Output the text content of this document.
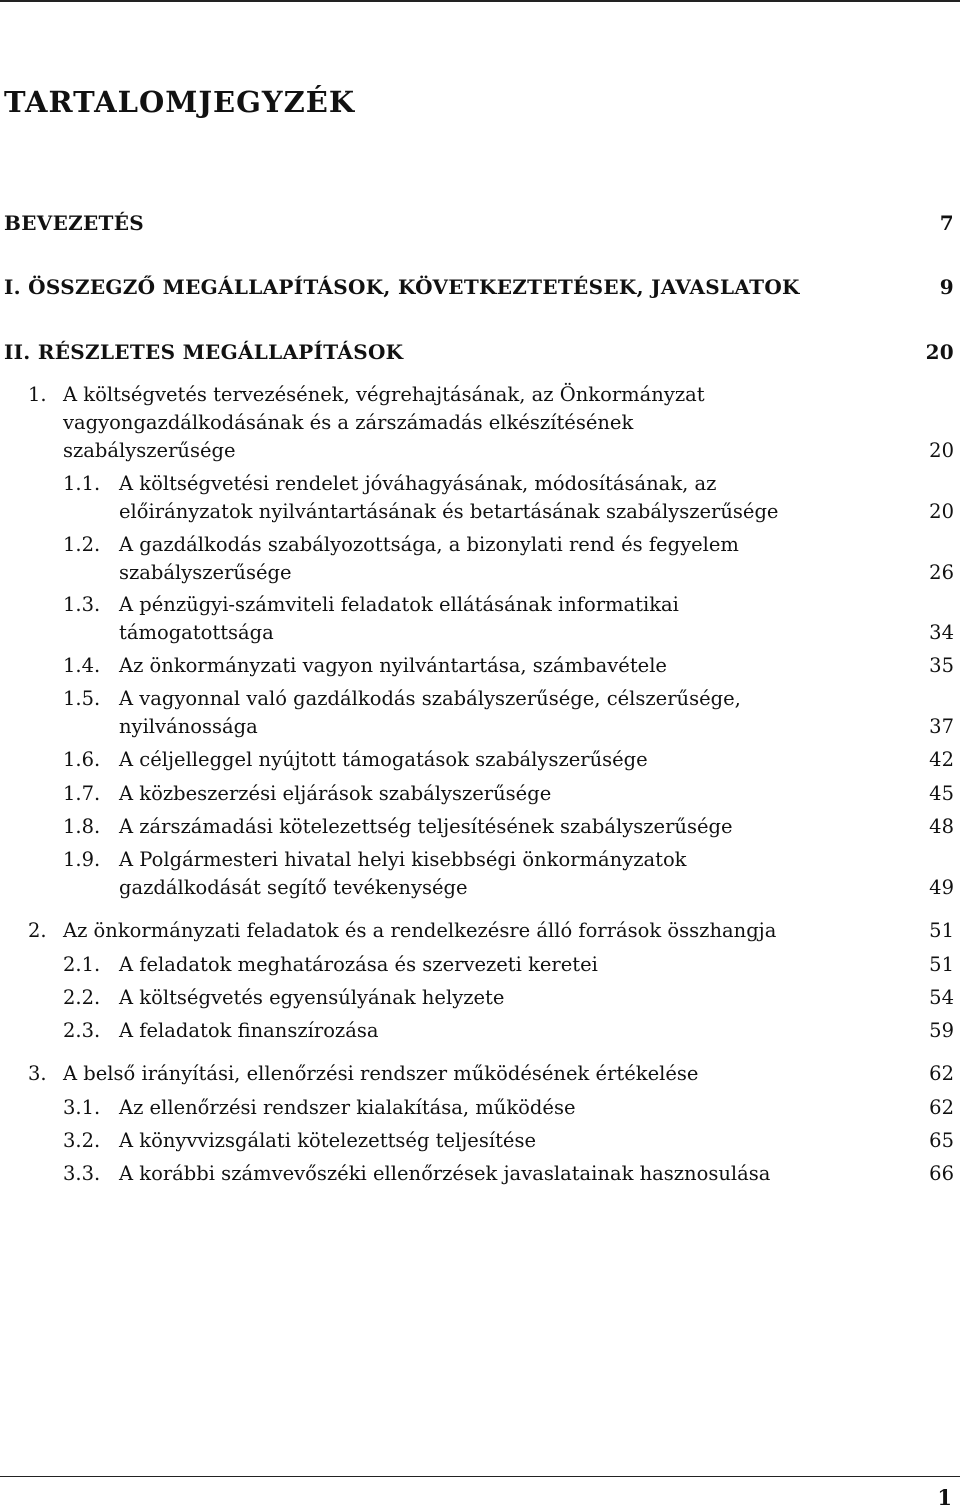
TARTALOMJEGYZÉK
BEVEZETÉS	7
I. ÖSSZEGZŐ MEGÁLLAPÍTÁSOK, KÖVETKEZTETÉSEK, JAVASLATOK	9
II. RÉSZLETES MEGÁLLAPÍTÁSOK	20
1. A költségvetés tervezésének, végrehajtásának, az Önkormányzat
vagyongazdálkodásának és a zárszámadás elkészítésének
szabályszerűsége	20
1.1. A költségvetési rendelet jóváhagyásának, módosításának, az
előirányzatok nyilvántartásának és betartásának szabályszerűsége	20
1.2. A gazdálkodás szabályozottsága, a bizonylati rend és fegyelem
szabályszerűsége	26
1.3. A pénzügyi-számviteli feladatok ellátásának informatikai
támogatottsága	34
1.4. Az önkormányzati vagyon nyilvántartása, számbavétele	35
1.5. A vagyonnal való gazdálkodás szabályszerűsége, célszerűsége,
nyilvánossága	37
1.6. A céljelleggel nyújtott támogatások szabályszerűsége	42
1.7. A közbeszerzési eljárások szabályszerűsége	45
1.8. A zárszámadási kötelezettség teljesítésének szabályszerűsége	48
1.9. A Polgármesteri hivatal helyi kisebbségi önkormányzatok
gazdálkodását segítő tevékenysége	49
2. Az önkormányzati feladatok és a rendelkezésre álló források összhangja	51
2.1. A feladatok meghatározása és szervezeti keretei	51
2.2. A költségvetés egyensúlyának helyzete	54
2.3. A feladatok finanszírozása	59
3. A belső irányítási, ellenőrzési rendszer működésének értékelése	62
3.1. Az ellenőrzési rendszer kialakítása, működése	62
3.2. A könyvvizsgálati kötelezettség teljesítése	65
3.3. A korábbi számvevőszéki ellenőrzések javaslatainak hasznosulása	66
1
